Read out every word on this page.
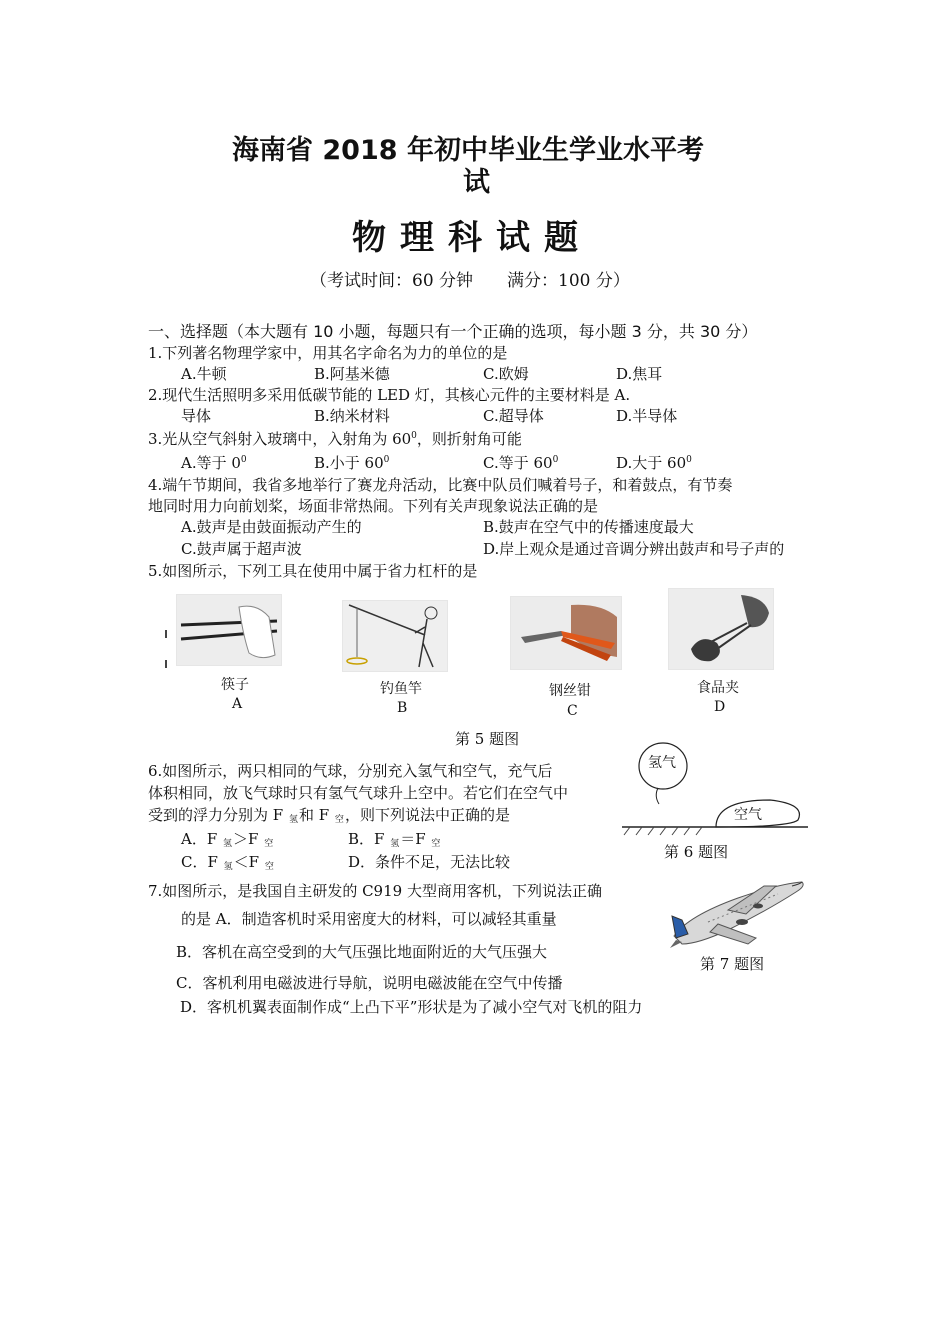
海南省 2018 年初中毕业生学业水平考
试
物理科试题
（考试时间：60 分钟　　满分：100 分）
一、选择题（本大题有 10 小题，每题只有一个正确的选项，每小题 3 分，共 30 分）
1.下列著名物理学家中，用其名字命名为力的单位的是
A.牛顿	B.阿基米德	C.欧姆	D.焦耳
2.现代生活照明多采用低碳节能的 LED 灯，其核心元件的主要材料是 A.
导体	B.纳米材料	C.超导体	D.半导体
3.光从空气斜射入玻璃中，入射角为 $60^0$，则折射角可能
A.等于 $0^0$	B.小于 $60^0$	C.等于 $60^0$	D.大于 $60^0$
4.端午节期间，我省多地举行了赛龙舟活动，比赛中队员们喊着号子，和着鼓点，有节奏
地同时用力向前划桨，场面非常热闹。下列有关声现象说法正确的是
A.鼓声是由鼓面振动产生的	B.鼓声在空气中的传播速度最大
C.鼓声属于超声波	D.岸上观众是通过音调分辨出鼓声和号子声的
5.如图所示，下列工具在使用中属于省力杠杆的是
筷子
A
钓鱼竿
B
钢丝钳
C
食品夹
D
第 5 题图
6.如图所示，两只相同的气球，分别充入氢气和空气，充气后
体积相同，放飞气球时只有氢气气球升上空中。若它们在空气中
受到的浮力分别为 F 氢和 F 空，则下列说法中正确的是
A．F 氢＞F 空	B．F 氢＝F 空
C．F 氢＜F 空	D．条件不足，无法比较
氢气
空气
第 6 题图
7.如图所示，是我国自主研发的 C919 大型商用客机，下列说法正确
的是 A．制造客机时采用密度大的材料，可以减轻其重量
B．客机在高空受到的大气压强比地面附近的大气压强大
C．客机利用电磁波进行导航，说明电磁波能在空气中传播
D．客机机翼表面制作成“上凸下平”形状是为了减小空气对飞机的阻力
第 7 题图
